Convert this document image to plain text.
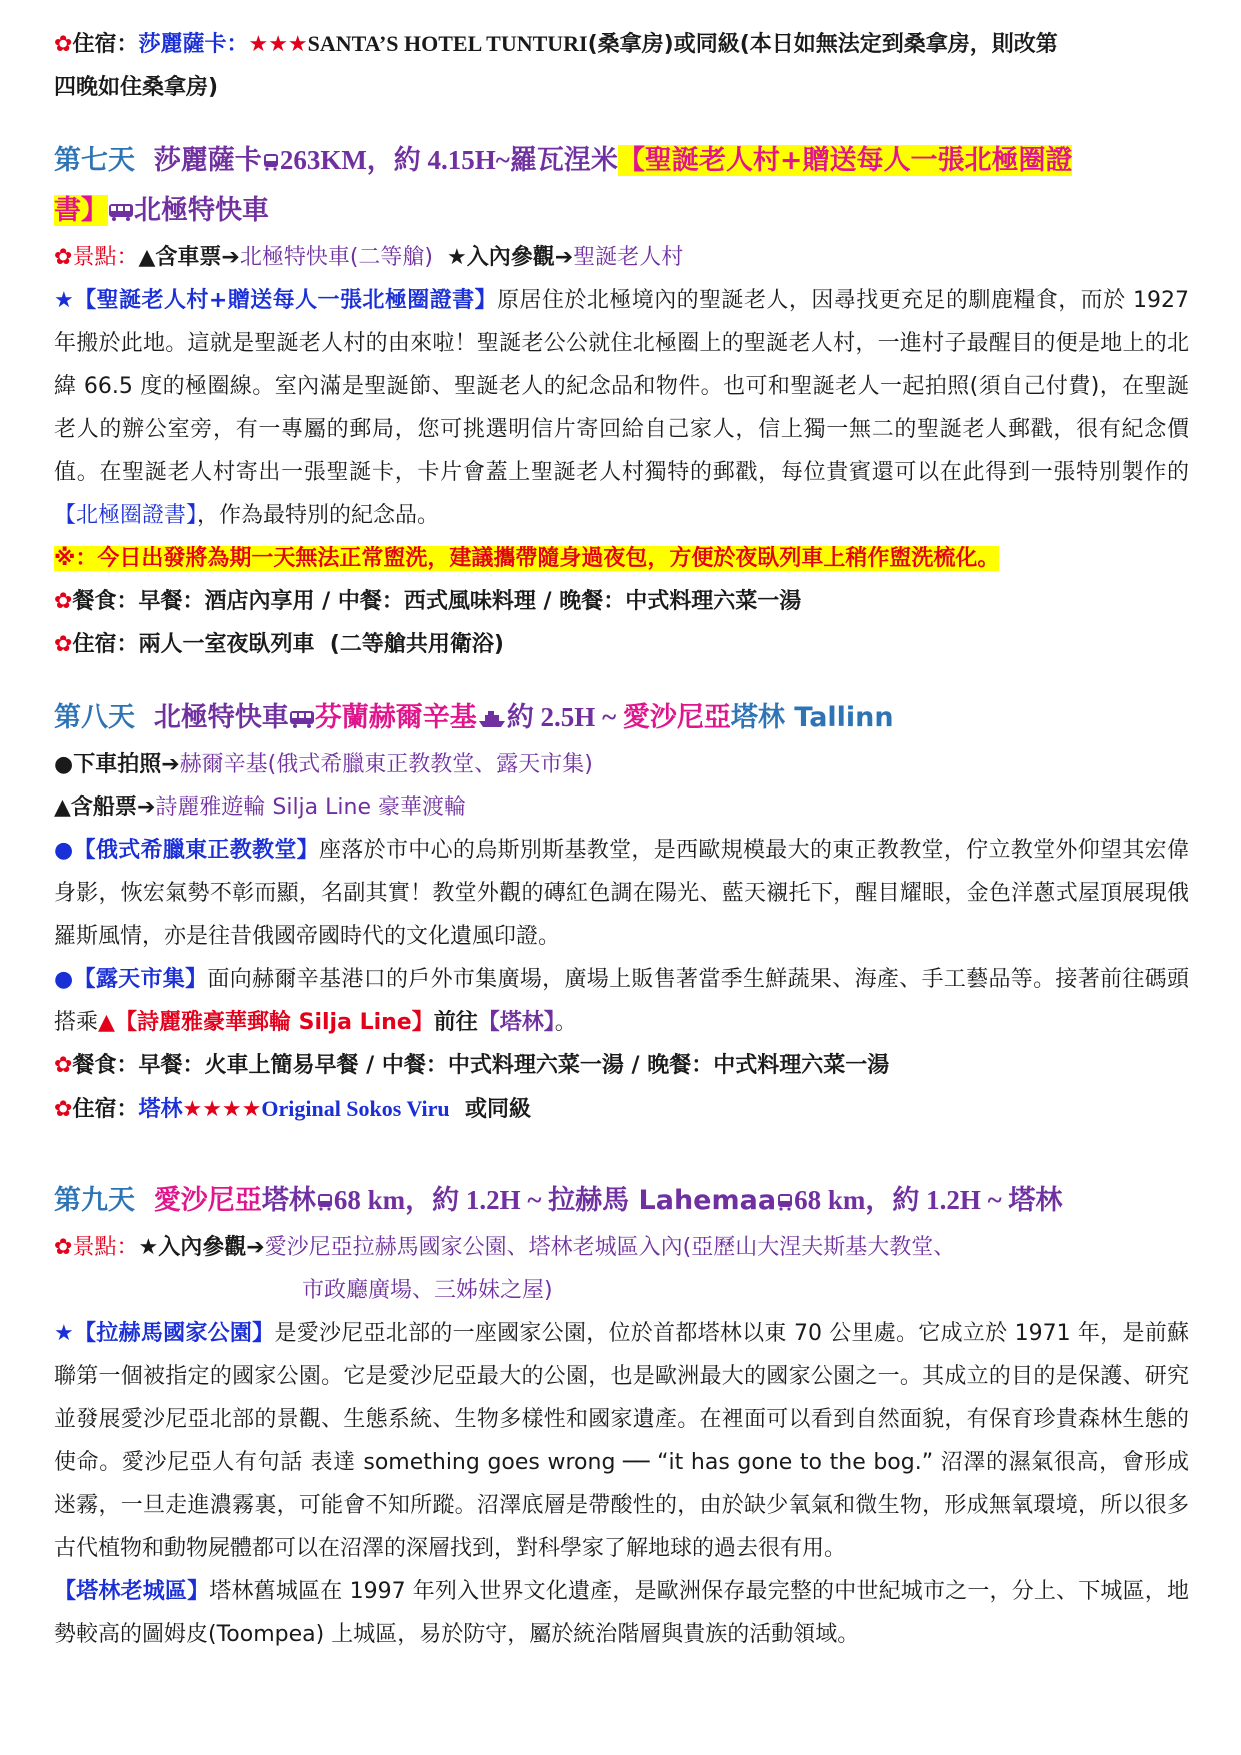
✿住宿：莎麗薩卡：★★★SANTA’S HOTEL TUNTURI(桑拿房)或同級(本日如無法定到桑拿房，則改第
四晚如住桑拿房)
第七天 莎麗薩卡 263KM，約 4.15H~羅瓦涅米【聖誕老人村+贈送每人一張北極圈證
書】 北極特快車
✿景點：▲含車票➔北極特快車(二等艙) ★入內參觀➔聖誕老人村
★【聖誕老人村+贈送每人一張北極圈證書】原居住於北極境內的聖誕老人，因尋找更充足的馴鹿糧食，而於 1927 年搬於此地。這就是聖誕老人村的由來啦！聖誕老公公就住北極圈上的聖誕老人村，一進村子最醒目的便是地上的北緯 66.5 度的極圈線。室內滿是聖誕節、聖誕老人的紀念品和物件。也可和聖誕老人一起拍照(須自己付費)，在聖誕老人的辦公室旁，有一專屬的郵局，您可挑選明信片寄回給自己家人，信上獨一無二的聖誕老人郵戳，很有紀念價值。在聖誕老人村寄出一張聖誕卡，卡片會蓋上聖誕老人村獨特的郵戳，每位貴賓還可以在此得到一張特別製作的【北極圈證書】，作為最特別的紀念品。
※：今日出發將為期一天無法正常盥洗，建議攜帶隨身過夜包，方便於夜臥列車上稍作盥洗梳化。
✿餐食：早餐：酒店內享用 / 中餐：西式風味料理 / 晚餐：中式料理六菜一湯
✿住宿：兩人一室夜臥列車  (二等艙共用衛浴)
第八天 北極特快車 芬蘭赫爾辛基 約 2.5H ~ 愛沙尼亞塔林 Tallinn
●下車拍照➔赫爾辛基(俄式希臘東正教教堂、露天市集)
▲含船票➔詩麗雅遊輪 Silja Line 豪華渡輪
●【俄式希臘東正教教堂】座落於市中心的烏斯別斯基教堂，是西歐規模最大的東正教教堂，佇立教堂外仰望其宏偉身影，恢宏氣勢不彰而顯，名副其實！教堂外觀的磚紅色調在陽光、藍天襯托下，醒目耀眼，金色洋蔥式屋頂展現俄羅斯風情，亦是往昔俄國帝國時代的文化遺風印證。
●【露天市集】面向赫爾辛基港口的戶外市集廣場，廣場上販售著當季生鮮蔬果、海產、手工藝品等。接著前往碼頭搭乘▲【詩麗雅豪華郵輪 Silja Line】前往【塔林】。
✿餐食：早餐：火車上簡易早餐 / 中餐：中式料理六菜一湯 / 晚餐：中式料理六菜一湯
✿住宿：塔林★★★★Original Sokos Viru  或同級
第九天 愛沙尼亞塔林 68 km，約 1.2H ~ 拉赫馬 Lahemaa 68 km，約 1.2H ~ 塔林
✿景點：★入內參觀➔愛沙尼亞拉赫馬國家公園、塔林老城區入內(亞歷山大涅夫斯基大教堂、
市政廳廣場、三姊妹之屋)
★【拉赫馬國家公園】是愛沙尼亞北部的一座國家公園，位於首都塔林以東 70 公里處。它成立於 1971 年，是前蘇聯第一個被指定的國家公園。它是愛沙尼亞最大的公園，也是歐洲最大的國家公園之一。其成立的目的是保護、研究並發展愛沙尼亞北部的景觀、生態系統、生物多樣性和國家遺產。在裡面可以看到自然面貌，有保育珍貴森林生態的使命。愛沙尼亞人有句話 表達 something goes wrong ── “it has gone to the bog.” 沼澤的濕氣很高，會形成迷霧，一旦走進濃霧裏，可能會不知所蹤。沼澤底層是帶酸性的，由於缺少氧氣和微生物，形成無氧環境，所以很多古代植物和動物屍體都可以在沼澤的深層找到，對科學家了解地球的過去很有用。
【塔林老城區】塔林舊城區在 1997 年列入世界文化遺產，是歐洲保存最完整的中世紀城市之一，分上、下城區，地勢較高的圖姆皮(Toompea) 上城區，易於防守，屬於統治階層與貴族的活動領域。
